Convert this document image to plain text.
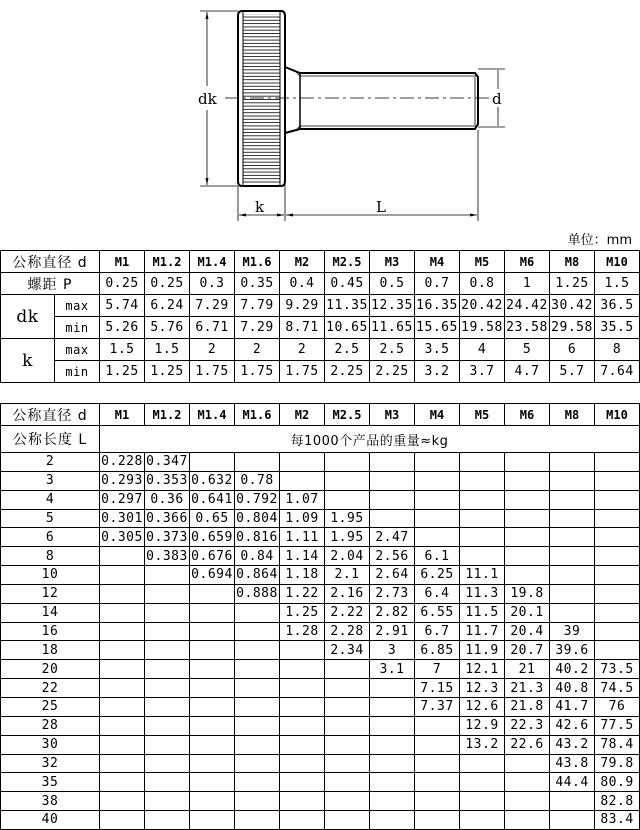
dk	d
k	L
单位：mm
公称直径 d		M1	M1.2	M1.4	M1.6	M2	M2.5	M3	M4	M5	M6	M8	M10
螺距 P		0.25	0.25	0.3	0.35	0.4	0.45	0.5	0.7	0.8	1	1.25	1.5
dk	max	5.74	6.24	7.29	7.79	9.29	11.35	12.35	16.35	20.42	24.42	30.42	36.5
	min	5.26	5.76	6.71	7.29	8.71	10.65	11.65	15.65	19.58	23.58	29.58	35.5
k	max	1.5	1.5	2	2	2	2.5	2.5	3.5	4	5	6	8
	min	1.25	1.25	1.75	1.75	1.75	2.25	2.25	3.2	3.7	4.7	5.7	7.64
公称直径 d	M1	M1.2	M1.4	M1.6	M2	M2.5	M3	M4	M5	M6	M8	M10
公称长度 L	每1000个产品的重量≈kg											
2	0.228	0.347										
3	0.293	0.353	0.632	0.78								
4	0.297	0.36	0.641	0.792	1.07							
5	0.301	0.366	0.65	0.804	1.09	1.95						
6	0.305	0.373	0.659	0.816	1.11	1.95	2.47					
8		0.383	0.676	0.84	1.14	2.04	2.56	6.1				
10			0.694	0.864	1.18	2.1	2.64	6.25	11.1			
12				0.888	1.22	2.16	2.73	6.4	11.3	19.8		
14					1.25	2.22	2.82	6.55	11.5	20.1		
16					1.28	2.28	2.91	6.7	11.7	20.4	39	
18						2.34	3	6.85	11.9	20.7	39.6	
20							3.1	7	12.1	21	40.2	73.5
22								7.15	12.3	21.3	40.8	74.5
25								7.37	12.6	21.8	41.7	76
28									12.9	22.3	42.6	77.5
30									13.2	22.6	43.2	78.4
32											43.8	79.8
35											44.4	80.9
38												82.8
40												83.4
